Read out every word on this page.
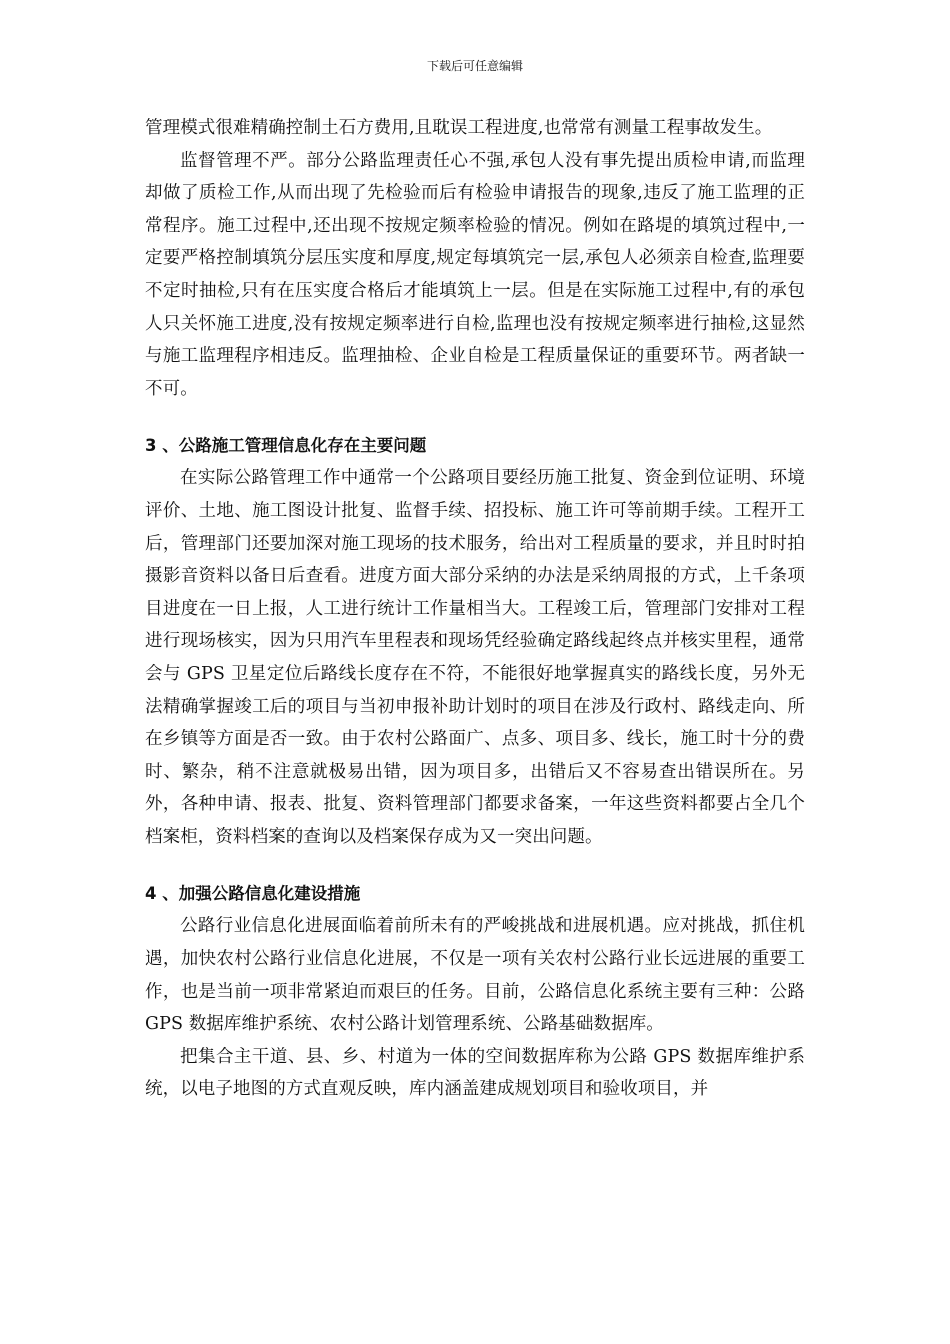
下载后可任意编辑

管理模式很难精确控制土石方费用,且耽误工程进度,也常常有测量工程事故发生。

监督管理不严。部分公路监理责任心不强,承包人没有事先提出质检申请,而监理却做了质检工作,从而出现了先检验而后有检验申请报告的现象,违反了施工监理的正常程序。施工过程中,还出现不按规定频率检验的情况。例如在路堤的填筑过程中,一定要严格控制填筑分层压实度和厚度,规定每填筑完一层,承包人必须亲自检查,监理要不定时抽检,只有在压实度合格后才能填筑上一层。但是在实际施工过程中,有的承包人只关怀施工进度,没有按规定频率进行自检,监理也没有按规定频率进行抽检,这显然与施工监理程序相违反。监理抽检、企业自检是工程质量保证的重要环节。两者缺一不可。

3 、公路施工管理信息化存在主要问题

在实际公路管理工作中通常一个公路项目要经历施工批复、资金到位证明、环境评价、土地、施工图设计批复、监督手续、招投标、施工许可等前期手续。工程开工后，管理部门还要加深对施工现场的技术服务，给出对工程质量的要求，并且时时拍摄影音资料以备日后查看。进度方面大部分采纳的办法是采纳周报的方式，上千条项目进度在一日上报，人工进行统计工作量相当大。工程竣工后，管理部门安排对工程进行现场核实，因为只用汽车里程表和现场凭经验确定路线起终点并核实里程，通常会与 GPS 卫星定位后路线长度存在不符，不能很好地掌握真实的路线长度，另外无法精确掌握竣工后的项目与当初申报补助计划时的项目在涉及行政村、路线走向、所在乡镇等方面是否一致。由于农村公路面广、点多、项目多、线长，施工时十分的费时、繁杂，稍不注意就极易出错，因为项目多，出错后又不容易查出错误所在。另外，各种申请、报表、批复、资料管理部门都要求备案，一年这些资料都要占全几个档案柜，资料档案的查询以及档案保存成为又一突出问题。

4 、加强公路信息化建设措施

公路行业信息化进展面临着前所未有的严峻挑战和进展机遇。应对挑战，抓住机遇，加快农村公路行业信息化进展，不仅是一项有关农村公路行业长远进展的重要工作，也是当前一项非常紧迫而艰巨的任务。目前，公路信息化系统主要有三种：公路 GPS 数据库维护系统、农村公路计划管理系统、公路基础数据库。

把集合主干道、县、乡、村道为一体的空间数据库称为公路 GPS 数据库维护系统，以电子地图的方式直观反映，库内涵盖建成规划项目和验收项目，并
